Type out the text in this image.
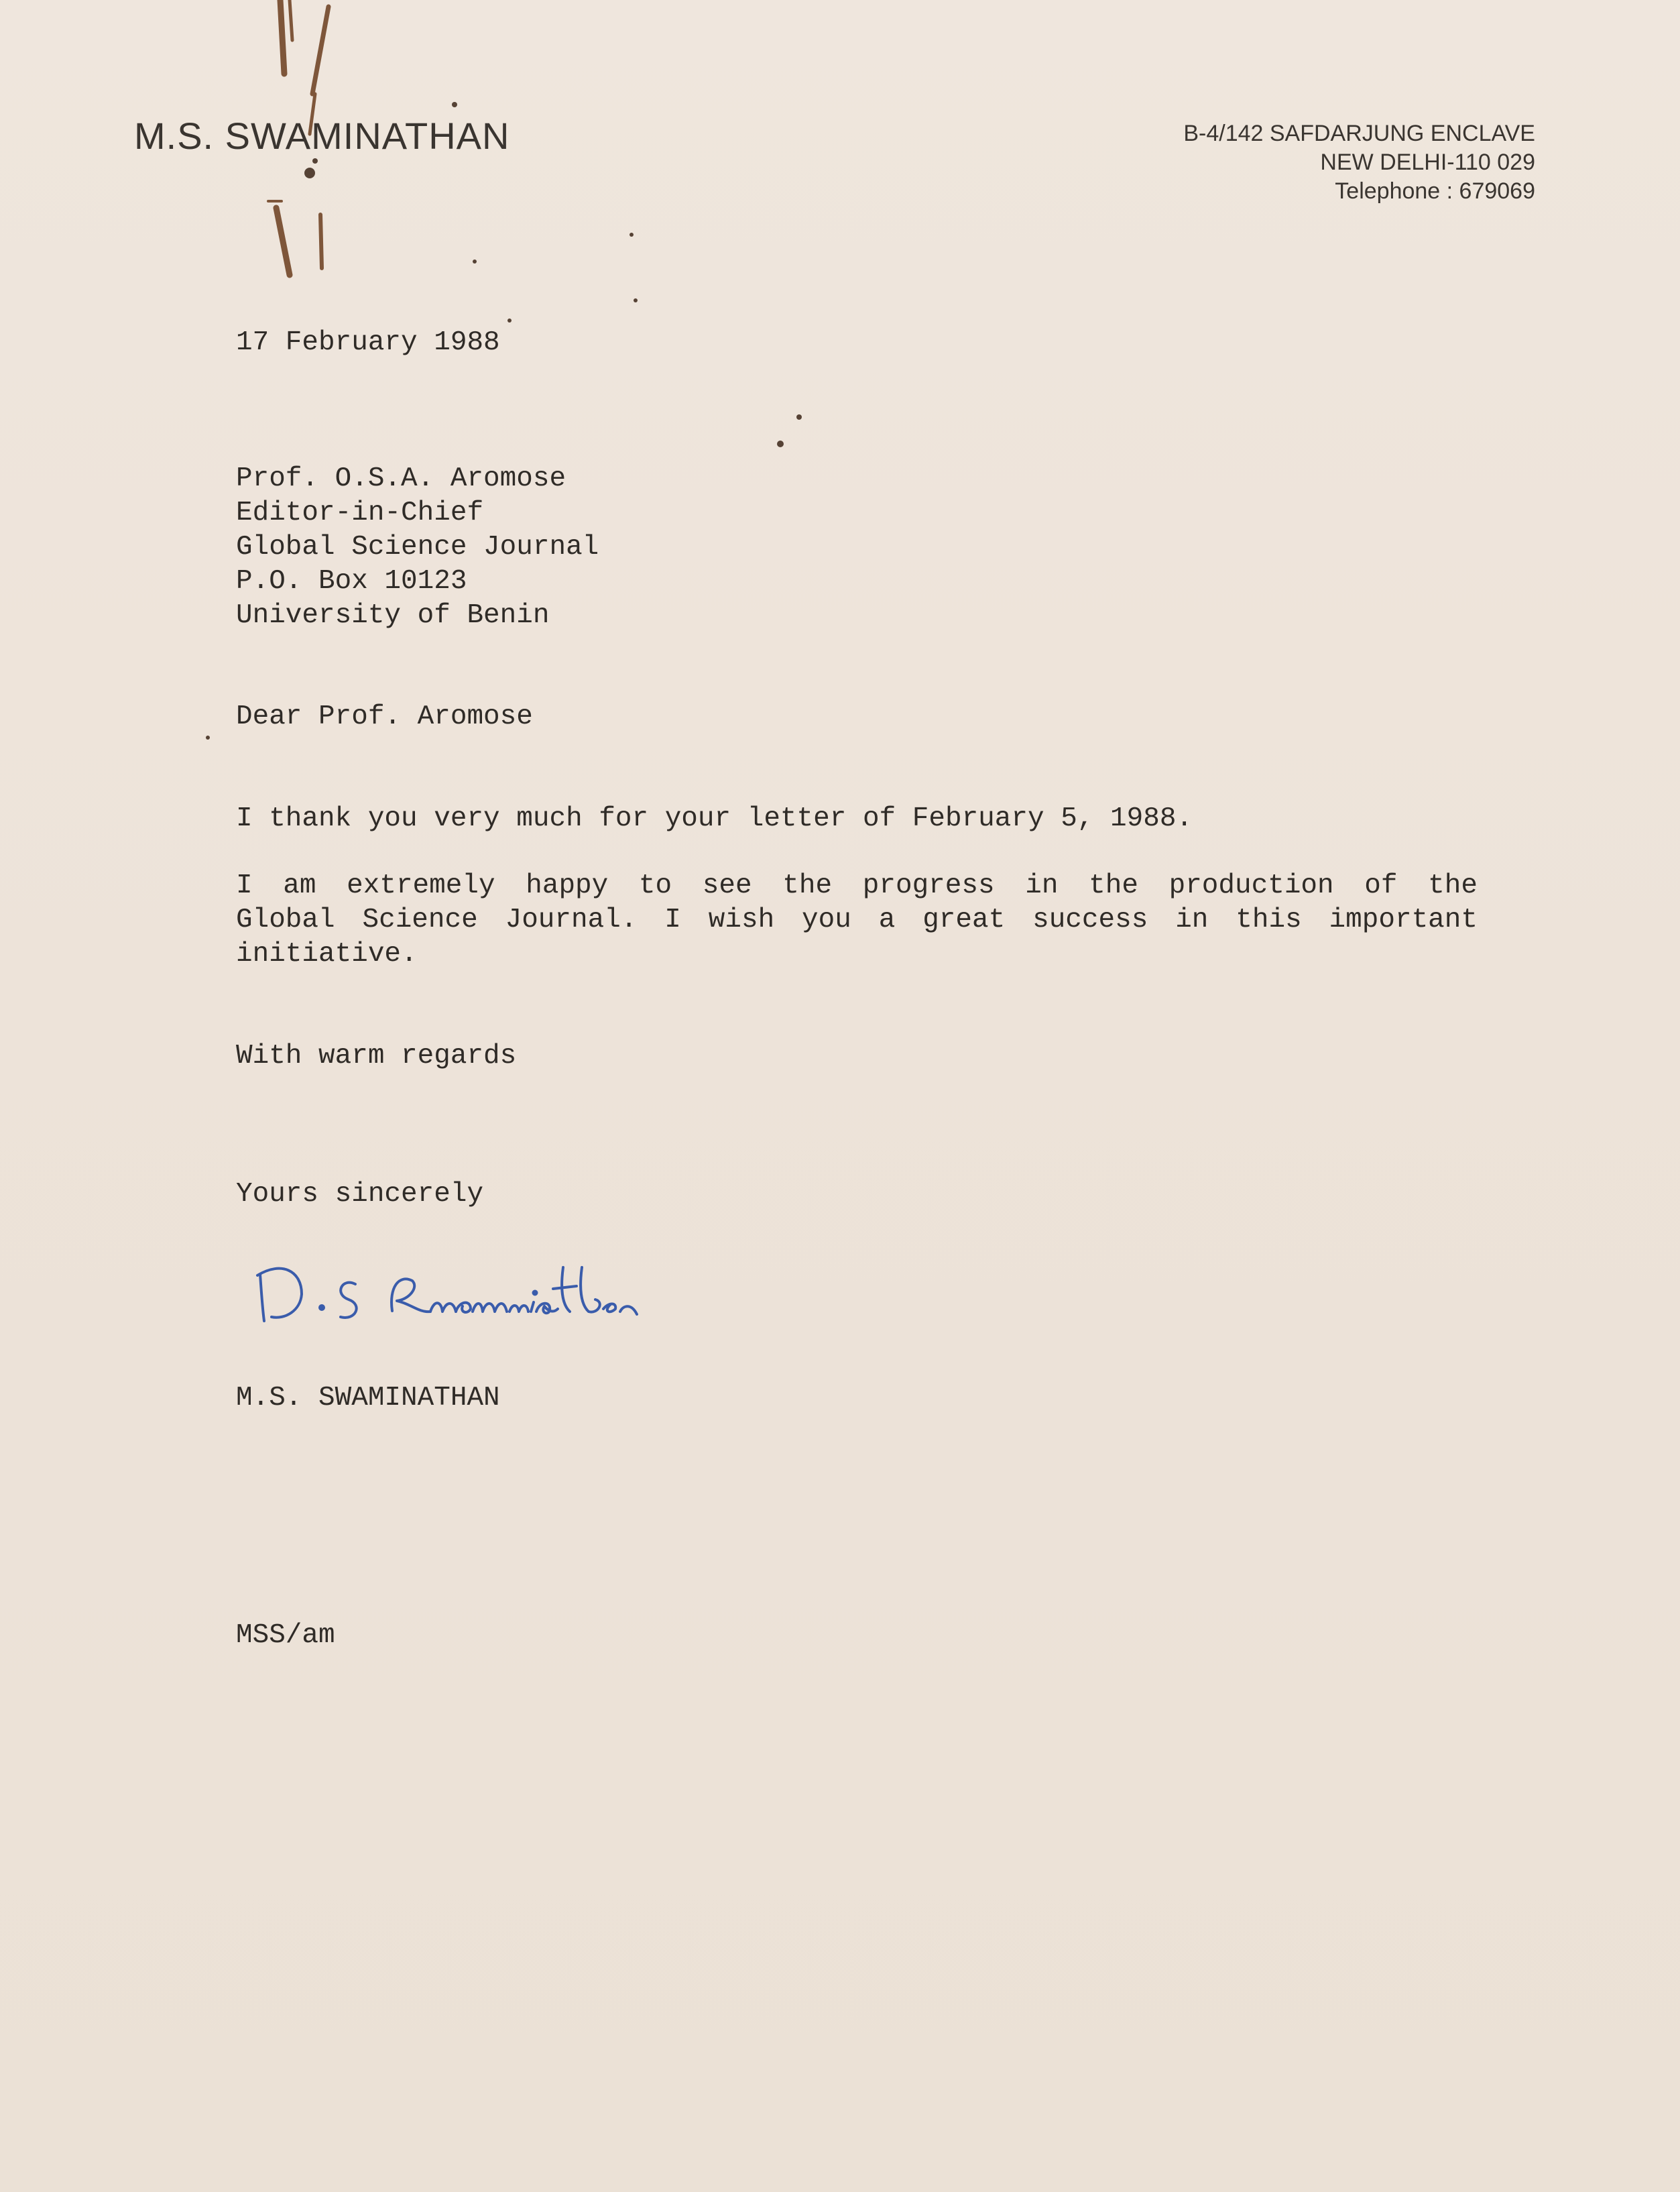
M.S. SWAMINATHAN	B-4/142 SAFDARJUNG ENCLAVE
NEW DELHI-110 029
Telephone : 679069
17 February 1988
Prof. O.S.A. Aromose
Editor-in-Chief
Global Science Journal
P.O. Box 10123
University of Benin
Dear Prof. Aromose
I thank you very much for your letter of February 5, 1988.
I am extremely happy to see the progress in the production of the
Global Science Journal. I wish you a great success in this important
initiative.
With warm regards
Yours sincerely
M.S. SWAMINATHAN
MSS/am
